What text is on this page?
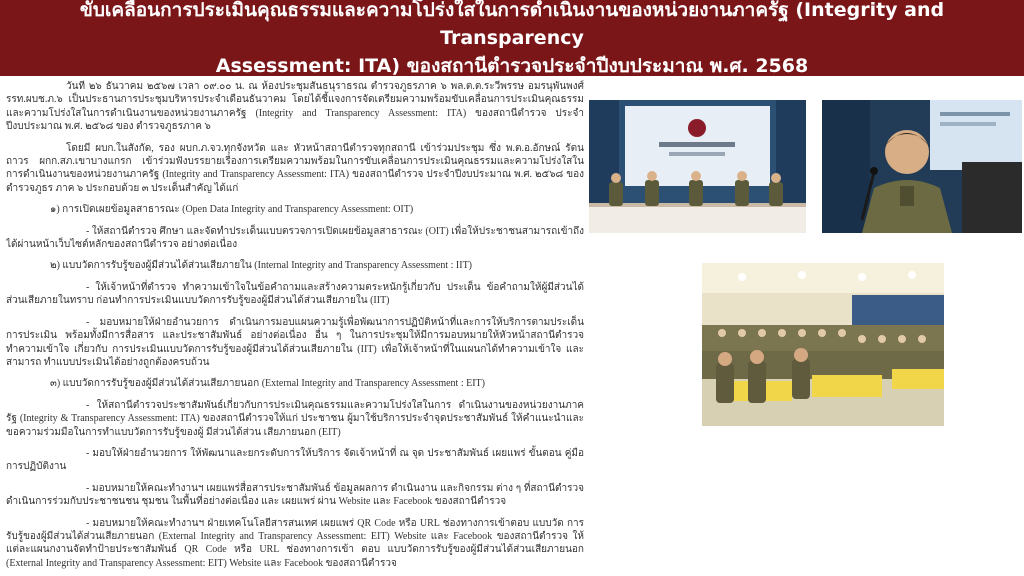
ขับเคลื่อนการประเมินคุณธรรมและความโปร่งใสในการดำเนินงานของหน่วยงานภาครัฐ (Integrity and Transparency
Assessment: ITA) ของสถานีตำรวจประจำปีงบประมาณ พ.ศ. 2568

วันที่ ๒๖ ธันวาคม ๒๕๖๗ เวลา ๐๙.๐๐ น. ณ ห้องประชุมสันธนุราธรณ ตำรวจภูธรภาค ๖ พล.ต.ต.ระวีพรรษ อมรนุพันพงศ์ รรท.ผบช.ภ.๖ เป็นประธานการประชุมบริหารประจำเดือนธันวาคม โดยได้ชี้แจงการจัดเตรียมความพร้อมขับเคลื่อนการประเมินคุณธรรมและความโปร่งใสในการดำเนินงานของหน่วยงานภาครัฐ (Integrity and Transparency Assessment: ITA) ของสถานีตำรวจ ประจำปีงบประมาณ พ.ศ. ๒๕๖๘ ของ ตำรวจภูธรภาค ๖

โดยมี ผบก.ในสังกัด, รอง ผบก.ภ.จว.ทุกจังหวัด และ หัวหน้าสถานีตำรวจทุกสถานี เข้าร่วมประชุม ซึ่ง พ.ต.อ.อักษณ์ รัตนถาวร ผกก.สภ.เขาบางแกรก เข้าร่วมฟังบรรยายเรื่องการเตรียมความพร้อมในการขับเคลื่อนการประเมินคุณธรรมและความโปร่งใสในการดำเนินงานของหน่วยงานภาครัฐ (Integrity and Transparency Assessment: ITA) ของสถานีตำรวจ ประจำปีงบประมาณ พ.ศ. ๒๕๖๘ ของตำรวจภูธร ภาค ๖ ประกอบด้วย ๓ ประเด็นสำคัญ ได้แก่

๑) การเปิดเผยข้อมูลสาธารณะ (Open Data Integrity and Transparency Assessment: OIT)

- ให้สถานีตำรวจ ศึกษา และจัดทำประเด็นแบบตรวจการเปิดเผยข้อมูลสาธารณะ (OIT) เพื่อให้ประชาชนสามารถเข้าถึงได้ผ่านหน้าเว็บไซต์หลักของสถานีตำรวจ อย่างต่อเนื่อง

๒) แบบวัดการรับรู้ของผู้มีส่วนได้ส่วนเสียภายใน (Internal Integrity and Transparency Assessment : IIT)

- ให้เจ้าหน้าที่ตำรวจ ทำความเข้าใจในข้อคำถามและสร้างความตระหนักรู้เกี่ยวกับ ประเด็น ข้อคำถามให้ผู้มีส่วนได้ส่วนเสียภายในทราบ ก่อนทำการประเมินแบบวัดการรับรู้ของผู้มีส่วนได้ส่วนเสียภายใน (IIT)

- มอบหมายให้ฝ่ายอำนวยการ ดำเนินการมอบแผนความรู้เพื่อพัฒนาการปฏิบัติหน้าที่และการให้บริการตามประเด็นการประเมิน พร้อมทั้งมีการสื่อสาร และประชาสัมพันธ์ อย่างต่อเนื่อง อื่น ๆ ในการประชุมให้มีการมอบหมายให้หัวหน้าสถานีตำรวจ ทำความเข้าใจ เกี่ยวกับ การประเมินแบบวัดการรับรู้ของผู้มีส่วนได้ส่วนเสียภายใน (IIT) เพื่อให้เจ้าหน้าที่ในแผนกได้ทำความเข้าใจ และสามารถ ทำแบบประเมินได้อย่างถูกต้องครบถ้วน

๓) แบบวัดการรับรู้ของผู้มีส่วนได้ส่วนเสียภายนอก (External Integrity and Transparency Assessment : EIT)

- ให้สถานีตำรวจประชาสัมพันธ์เกี่ยวกับการประเมินคุณธรรมและความโปร่งใสในการ ดำเนินงานของหน่วยงานภาครัฐ (Integrity & Transparency Assessment: ITA) ของสถานีตำรวจให้แก่ ประชาชน ผู้มาใช้บริการประจำจุดประชาสัมพันธ์ ให้คำแนะนำและขอความร่วมมือในการทำแบบวัดการรับรู้ของผู้ มีส่วนได้ส่วน เสียภายนอก (EIT)

- มอบให้ฝ่ายอำนวยการ ให้พัฒนาและยกระดับการให้บริการ จัดเจ้าหน้าที่ ณ จุด ประชาสัมพันธ์ เผยแพร่ ขั้นตอน คู่มือการปฏิบัติงาน

- มอบหมายให้คณะทำงานฯ เผยแพร่สื่อสารประชาสัมพันธ์ ข้อมูลผลการ ดำเนินงาน และกิจกรรม ต่าง ๆ ที่สถานีตำรวจดำเนินการร่วมกับประชาชนชน ชุมชน ในพื้นที่อย่างต่อเนื่อง และ เผยแพร่ ผ่าน Website และ Facebook ของสถานีตำรวจ

- มอบหมายให้คณะทำงานฯ ฝ่ายเทคโนโลยีสารสนเทศ เผยแพร่ QR Code หรือ URL ช่องทางการเข้าตอบ แบบวัด การรับรู้ของผู้มีส่วนได้ส่วนเสียภายนอก (External Integrity and Transparency Assessment: EIT) Website และ Facebook ของสถานีตำรวจ ให้แต่ละแผนกงานจัดทำป้ายประชาสัมพันธ์ QR Code หรือ URL ช่องทางการเข้า ตอบ แบบวัดการรับรู้ของผู้มีส่วนได้ส่วนเสียภายนอก (External Integrity and Transparency Assessment: EIT) Website และ Facebook ของสถานีตำรวจ
